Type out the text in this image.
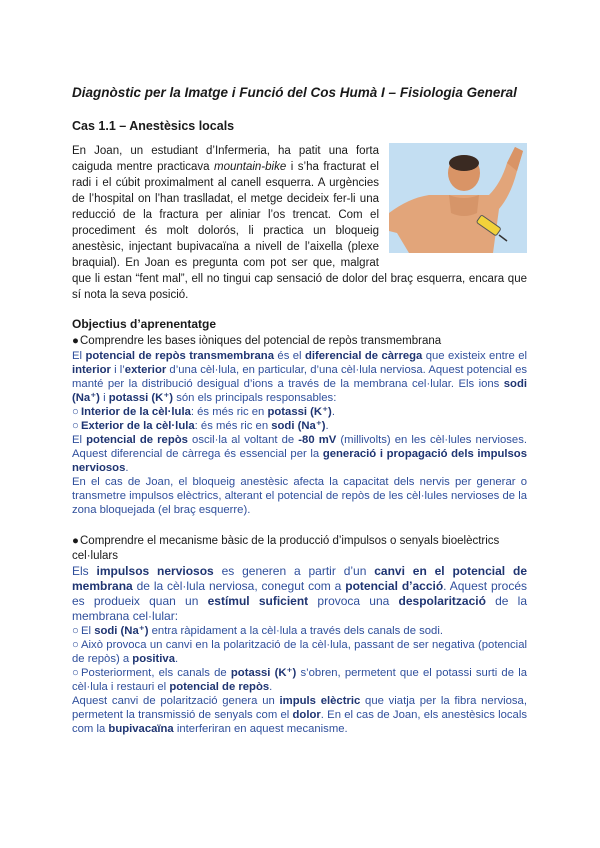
Diagnòstic per la Imatge i Funció del Cos Humà I – Fisiologia General

Cas 1.1 – Anestèsics locals
En Joan, un estudiant d’Infermeria, ha patit una forta caiguda mentre practicava mountain-bike i s’ha fracturat el radi i el cúbit proximalment al canell esquerra. A urgències de l’hospital on l’han traslladat, el metge decideix fer-li una reducció de la fractura per aliniar l’os trencat. Com el procediment és molt dolorós, li practica un bloqueig anestèsic, injectant bupivacaïna a nivell de l’aixella (plexe braquial). En Joan es pregunta com pot ser que, malgrat que li estan “fent mal”, ell no tingui cap sensació de dolor del braç esquerra, encara que sí nota la seva posició.
Objectius d’aprenentatge
●Comprendre les bases iòniques del potencial de repòs transmembrana
El potencial de repòs transmembrana és el diferencial de càrrega que existeix entre el interior i l’exterior d’una cèl·lula, en particular, d’una cèl·lula nerviosa. Aquest potencial es manté per la distribució desigual d’ions a través de la membrana cel·lular. Els ions sodi (Na⁺) i potassi (K⁺) són els principals responsables:
○ Interior de la cèl·lula: és més ric en potassi (K⁺).
○ Exterior de la cèl·lula: és més ric en sodi (Na⁺).
El potencial de repòs oscil·la al voltant de -80 mV (millivolts) en les cèl·lules nervioses. Aquest diferencial de càrrega és essencial per la generació i propagació dels impulsos nerviosos.
En el cas de Joan, el bloqueig anestèsic afecta la capacitat dels nervis per generar o transmetre impulsos elèctrics, alterant el potencial de repòs de les cèl·lules nervioses de la zona bloquejada (el braç esquerre).
●Comprendre el mecanisme bàsic de la producció d’impulsos o senyals bioelèctrics cel·lulars
Els impulsos nerviosos es generen a partir d’un canvi en el potencial de membrana de la cèl·lula nerviosa, conegut com a potencial d’acció. Aquest procés es produeix quan un estímul suficient provoca una despolarització de la membrana cel·lular:
○ El sodi (Na⁺) entra ràpidament a la cèl·lula a través dels canals de sodi.
○ Això provoca un canvi en la polarització de la cèl·lula, passant de ser negativa (potencial de repòs) a positiva.
○ Posteriorment, els canals de potassi (K⁺) s’obren, permetent que el potassi surti de la cèl·lula i restauri el potencial de repòs.
Aquest canvi de polarització genera un impuls elèctric que viatja per la fibra nerviosa, permetent la transmissió de senyals com el dolor. En el cas de Joan, els anestèsics locals com la bupivacaïna interferiran en aquest mecanisme.
